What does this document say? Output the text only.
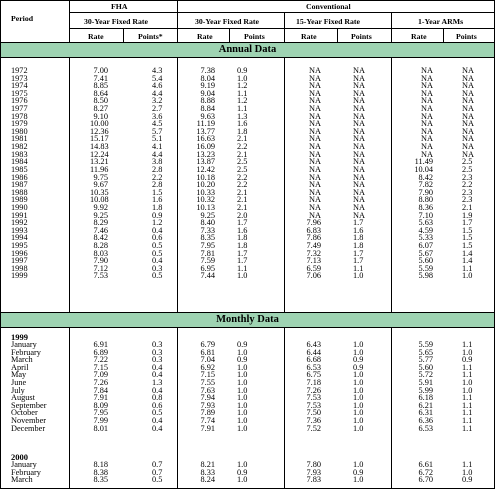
Period
FHA	Conventional
30-Year Fixed Rate	30-Year Fixed Rate	15-Year Fixed Rate	1-Year ARMs
Rate	Points*	Rate	Points	Rate	Points	Rate	Points
Annual Data
Monthly Data
1972	7.00	4.3	7.38	0.9	NA	NA	NA	NA
1973	7.41	5.4	8.04	1.0	NA	NA	NA	NA
1974	8.85	4.6	9.19	1.2	NA	NA	NA	NA
1975	8.64	4.4	9.04	1.1	NA	NA	NA	NA
1976	8.50	3.2	8.88	1.2	NA	NA	NA	NA
1977	8.27	2.7	8.84	1.1	NA	NA	NA	NA
1978	9.10	3.6	9.63	1.3	NA	NA	NA	NA
1979	10.00	4.5	11.19	1.6	NA	NA	NA	NA
1980	12.36	5.7	13.77	1.8	NA	NA	NA	NA
1981	15.17	5.1	16.63	2.1	NA	NA	NA	NA
1982	14.83	4.1	16.09	2.2	NA	NA	NA	NA
1983	12.24	4.4	13.23	2.1	NA	NA	NA	NA
1984	13.21	3.8	13.87	2.5	NA	NA	11.49	2.5
1985	11.96	2.8	12.42	2.5	NA	NA	10.04	2.5
1986	9.75	2.2	10.18	2.2	NA	NA	8.42	2.3
1987	9.67	2.8	10.20	2.2	NA	NA	7.82	2.2
1988	10.35	1.5	10.33	2.1	NA	NA	7.90	2.3
1989	10.08	1.6	10.32	2.1	NA	NA	8.80	2.3
1990	9.92	1.8	10.13	2.1	NA	NA	8.36	2.1
1991	9.25	0.9	9.25	2.0	NA	NA	7.10	1.9
1992	8.29	1.2	8.40	1.7	7.96	1.7	5.63	1.7
1993	7.46	0.4	7.33	1.6	6.83	1.6	4.59	1.5
1994	8.42	0.6	8.35	1.8	7.86	1.8	5.33	1.5
1995	8.28	0.5	7.95	1.8	7.49	1.8	6.07	1.5
1996	8.03	0.5	7.81	1.7	7.32	1.7	5.67	1.4
1997	7.90	0.4	7.59	1.7	7.13	1.7	5.60	1.4
1998	7.12	0.3	6.95	1.1	6.59	1.1	5.59	1.1
1999	7.53	0.5	7.44	1.0	7.06	1.0	5.98	1.0
1999
January	6.91	0.3	6.79	0.9	6.43	1.0	5.59	1.1
February	6.89	0.3	6.81	1.0	6.44	1.0	5.65	1.0
March	7.22	0.3	7.04	0.9	6.68	0.9	5.77	0.9
April	7.15	0.4	6.92	1.0	6.53	0.9	5.60	1.1
May	7.09	0.4	7.15	1.0	6.75	1.0	5.72	1.1
June	7.26	1.3	7.55	1.0	7.18	1.0	5.91	1.0
July	7.84	0.4	7.63	1.0	7.26	1.0	5.99	1.0
August	7.91	0.8	7.94	1.0	7.53	1.0	6.18	1.1
September	8.09	0.6	7.93	1.0	7.53	1.0	6.21	1.1
October	7.95	0.5	7.89	1.0	7.50	1.0	6.31	1.1
November	7.99	0.4	7.74	1.0	7.36	1.0	6.36	1.1
December	8.01	0.4	7.91	1.0	7.52	1.0	6.53	1.1
2000
January	8.18	0.7	8.21	1.0	7.80	1.0	6.61	1.1
February	8.38	0.7	8.33	0.9	7.93	0.9	6.72	1.0
March	8.35	0.5	8.24	1.0	7.83	1.0	6.70	0.9
